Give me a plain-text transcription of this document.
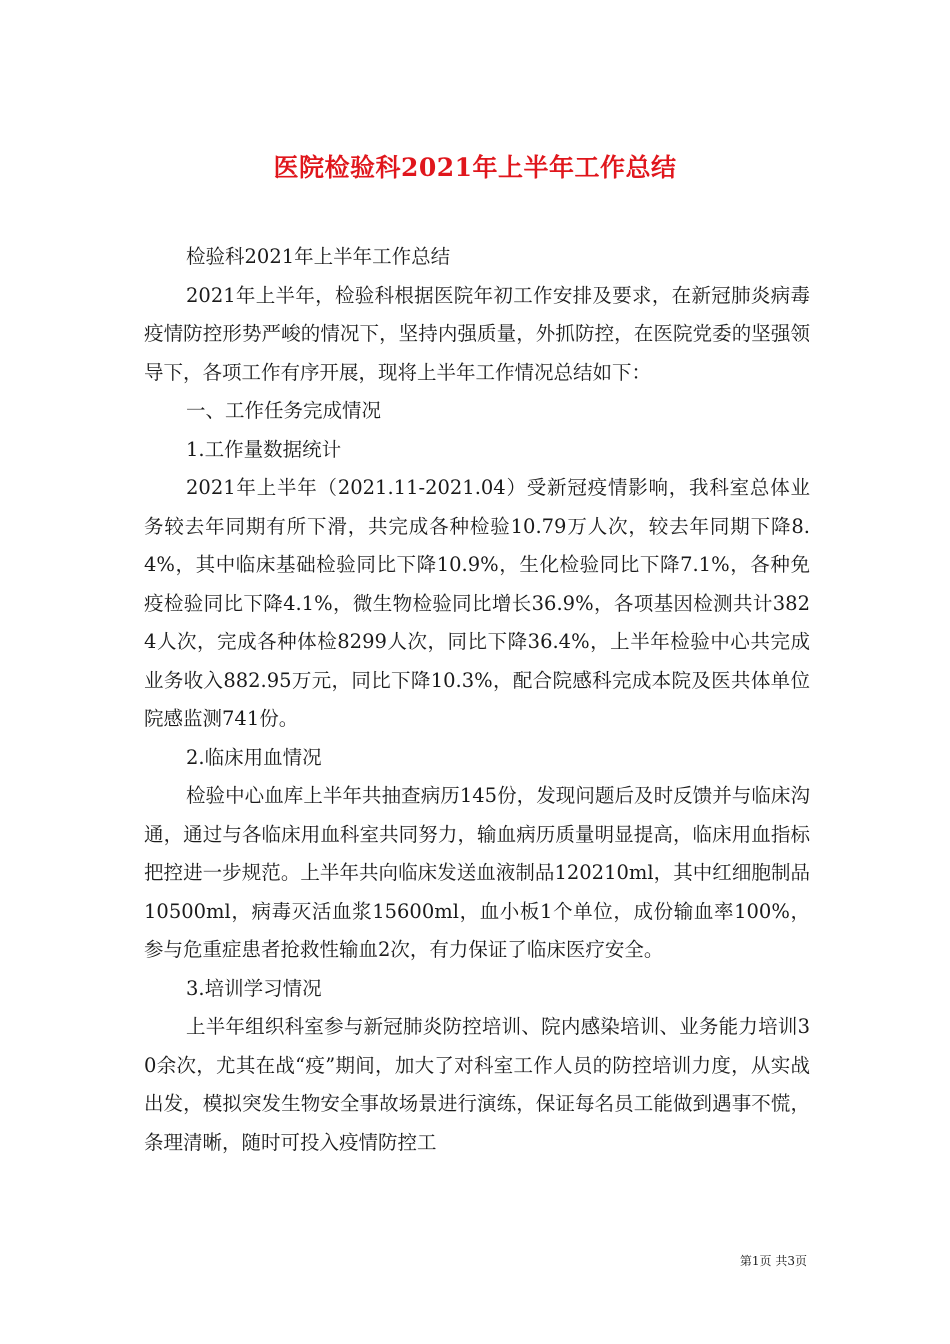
医院检验科2021年上半年工作总结

检验科2021年上半年工作总结

2021年上半年，检验科根据医院年初工作安排及要求，在新冠肺炎病毒疫情防控形势严峻的情况下，坚持内强质量，外抓防控，在医院党委的坚强领导下，各项工作有序开展，现将上半年工作情况总结如下：

一、工作任务完成情况

1.工作量数据统计

2021年上半年（2021.11-2021.04）受新冠疫情影响，我科室总体业务较去年同期有所下滑，共完成各种检验10.79万人次，较去年同期下降8.4%，其中临床基础检验同比下降10.9%，生化检验同比下降7.1%，各种免疫检验同比下降4.1%，微生物检验同比增长36.9%，各项基因检测共计3824人次，完成各种体检8299人次，同比下降36.4%，上半年检验中心共完成业务收入882.95万元，同比下降10.3%，配合院感科完成本院及医共体单位院感监测741份。

2.临床用血情况

检验中心血库上半年共抽查病历145份，发现问题后及时反馈并与临床沟通，通过与各临床用血科室共同努力，输血病历质量明显提高，临床用血指标把控进一步规范。上半年共向临床发送血液制品120210ml，其中红细胞制品10500ml，病毒灭活血浆15600ml，血小板1个单位，成份输血率100%，参与危重症患者抢救性输血2次，有力保证了临床医疗安全。

3.培训学习情况

上半年组织科室参与新冠肺炎防控培训、院内感染培训、业务能力培训30余次，尤其在战“疫”期间，加大了对科室工作人员的防控培训力度，从实战出发，模拟突发生物安全事故场景进行演练，保证每名员工能做到遇事不慌，条理清晰，随时可投入疫情防控工

第1页 共3页
